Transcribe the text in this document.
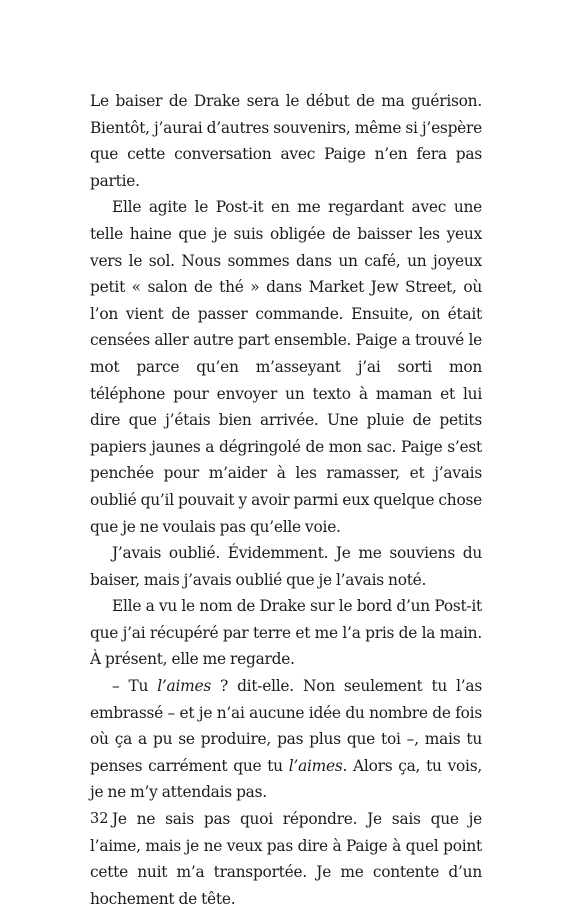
Le baiser de Drake sera le début de ma guérison. Bientôt, j’aurai d’autres souvenirs, même si j’espère que cette conversation avec Paige n’en fera pas partie.

Elle agite le Post-it en me regardant avec une telle haine que je suis obligée de baisser les yeux vers le sol. Nous sommes dans un café, un joyeux petit « salon de thé » dans Market Jew Street, où l’on vient de passer commande. Ensuite, on était censées aller autre part ensemble. Paige a trouvé le mot parce qu’en m’asseyant j’ai sorti mon téléphone pour envoyer un texto à maman et lui dire que j’étais bien arrivée. Une pluie de petits papiers jaunes a dégringolé de mon sac. Paige s’est penchée pour m’aider à les ramasser, et j’avais oublié qu’il pouvait y avoir parmi eux quelque chose que je ne voulais pas qu’elle voie.

J’avais oublié. Évidemment. Je me souviens du baiser, mais j’avais oublié que je l’avais noté.

Elle a vu le nom de Drake sur le bord d’un Post-it que j’ai récupéré par terre et me l’a pris de la main. À présent, elle me regarde.

– Tu l’aimes ? dit-elle. Non seulement tu l’as embrassé – et je n’ai aucune idée du nombre de fois où ça a pu se produire, pas plus que toi –, mais tu penses carrément que tu l’aimes. Alors ça, tu vois, je ne m’y attendais pas.

Je ne sais pas quoi répondre. Je sais que je l’aime, mais je ne veux pas dire à Paige à quel point cette nuit m’a transportée. Je me contente d’un hochement de tête.

32
